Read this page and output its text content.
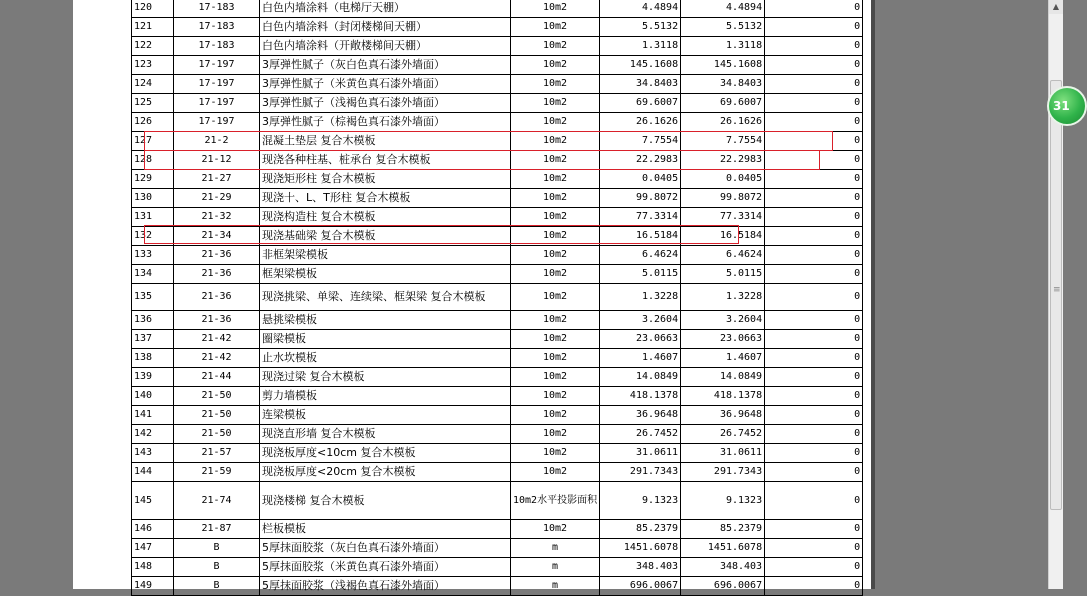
120	17-183	白色内墙涂料（电梯厅天棚）	10m2	4.4894	4.4894	0
121	17-183	白色内墙涂料（封闭楼梯间天棚）	10m2	5.5132	5.5132	0
122	17-183	白色内墙涂料（开敞楼梯间天棚）	10m2	1.3118	1.3118	0
123	17-197	3厚弹性腻子（灰白色真石漆外墙面）	10m2	145.1608	145.1608	0
124	17-197	3厚弹性腻子（米黄色真石漆外墙面）	10m2	34.8403	34.8403	0
125	17-197	3厚弹性腻子（浅褐色真石漆外墙面）	10m2	69.6007	69.6007	0
126	17-197	3厚弹性腻子（棕褐色真石漆外墙面）	10m2	26.1626	26.1626	0
127	21-2	混凝土垫层 复合木模板	10m2	7.7554	7.7554	0
128	21-12	现浇各种柱基、桩承台 复合木模板	10m2	22.2983	22.2983	0
129	21-27	现浇矩形柱 复合木模板	10m2	0.0405	0.0405	0
130	21-29	现浇十、L、T形柱 复合木模板	10m2	99.8072	99.8072	0
131	21-32	现浇构造柱 复合木模板	10m2	77.3314	77.3314	0
132	21-34	现浇基础梁 复合木模板	10m2	16.5184	16.5184	0
133	21-36	非框架梁模板	10m2	6.4624	6.4624	0
134	21-36	框架梁模板	10m2	5.0115	5.0115	0
135	21-36	现浇挑梁、单梁、连续梁、框架梁 复合木模板	10m2	1.3228	1.3228	0
136	21-36	悬挑梁模板	10m2	3.2604	3.2604	0
137	21-42	圈梁模板	10m2	23.0663	23.0663	0
138	21-42	止水坎模板	10m2	1.4607	1.4607	0
139	21-44	现浇过梁 复合木模板	10m2	14.0849	14.0849	0
140	21-50	剪力墙模板	10m2	418.1378	418.1378	0
141	21-50	连梁模板	10m2	36.9648	36.9648	0
142	21-50	现浇直形墙 复合木模板	10m2	26.7452	26.7452	0
143	21-57	现浇板厚度<10cm 复合木模板	10m2	31.0611	31.0611	0
144	21-59	现浇板厚度<20cm 复合木模板	10m2	291.7343	291.7343	0
145	21-74	现浇楼梯 复合木模板	10m2水平投影面积	9.1323	9.1323	0
146	21-87	栏板模板	10m2	85.2379	85.2379	0
147	B	5厚抹面胶浆（灰白色真石漆外墙面）	m	1451.6078	1451.6078	0
148	B	5厚抹面胶浆（米黄色真石漆外墙面）	m	348.403	348.403	0
149	B	5厚抹面胶浆（浅褐色真石漆外墙面）	m	696.0067	696.0067	0
▲
≡
31
